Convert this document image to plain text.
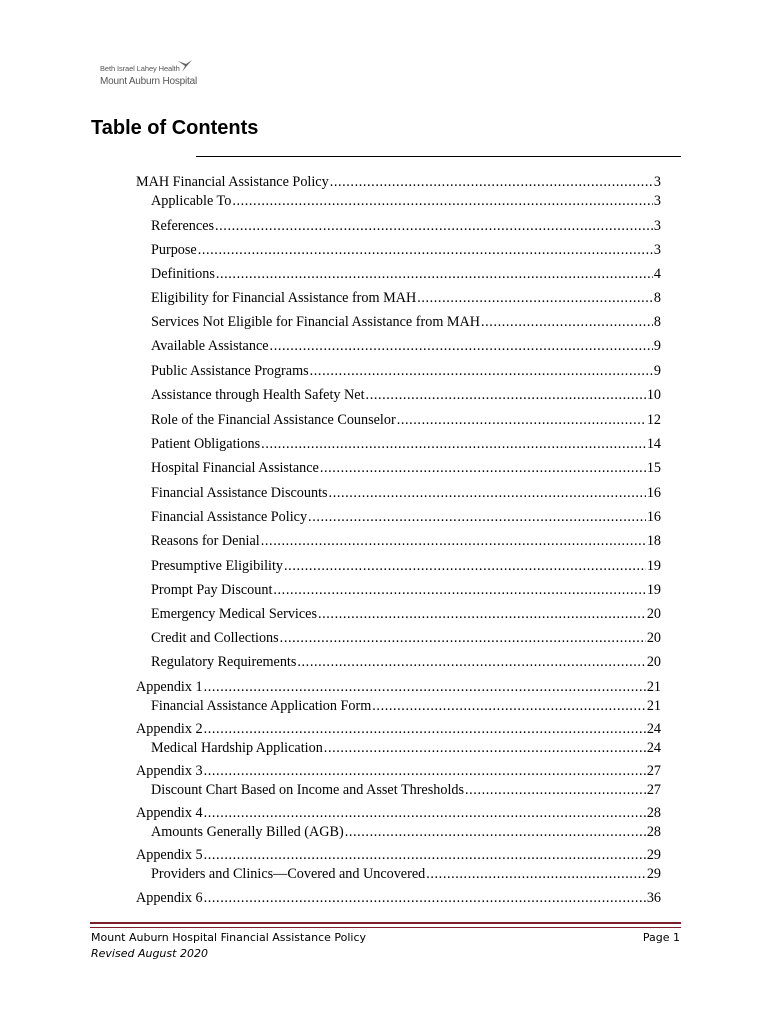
Beth Israel Lahey Health
Mount Auburn Hospital
Table of Contents
MAH Financial Assistance Policy .....	3
Applicable To .....	3
References .....	3
Purpose .....	3
Definitions .....	4
Eligibility for Financial Assistance from MAH .....	8
Services Not Eligible for Financial Assistance from MAH .....	8
Available Assistance .....	9
Public Assistance Programs .....	9
Assistance through Health Safety Net .....	10
Role of the Financial Assistance Counselor .....	12
Patient Obligations .....	14
Hospital Financial Assistance .....	15
Financial Assistance Discounts .....	16
Financial Assistance Policy .....	16
Reasons for Denial .....	18
Presumptive Eligibility .....	19
Prompt Pay Discount .....	19
Emergency Medical Services .....	20
Credit and Collections .....	20
Regulatory Requirements .....	20
Appendix 1 .....	21
Financial Assistance Application Form .....	21
Appendix 2 .....	24
Medical Hardship Application .....	24
Appendix 3 .....	27
Discount Chart Based on Income and Asset Thresholds .....	27
Appendix 4 .....	28
Amounts Generally Billed (AGB) .....	28
Appendix 5 .....	29
Providers and Clinics—Covered and Uncovered .....	29
Appendix 6 .....	36
Mount Auburn Hospital Financial Assistance Policy
Revised August 2020
Page 1
